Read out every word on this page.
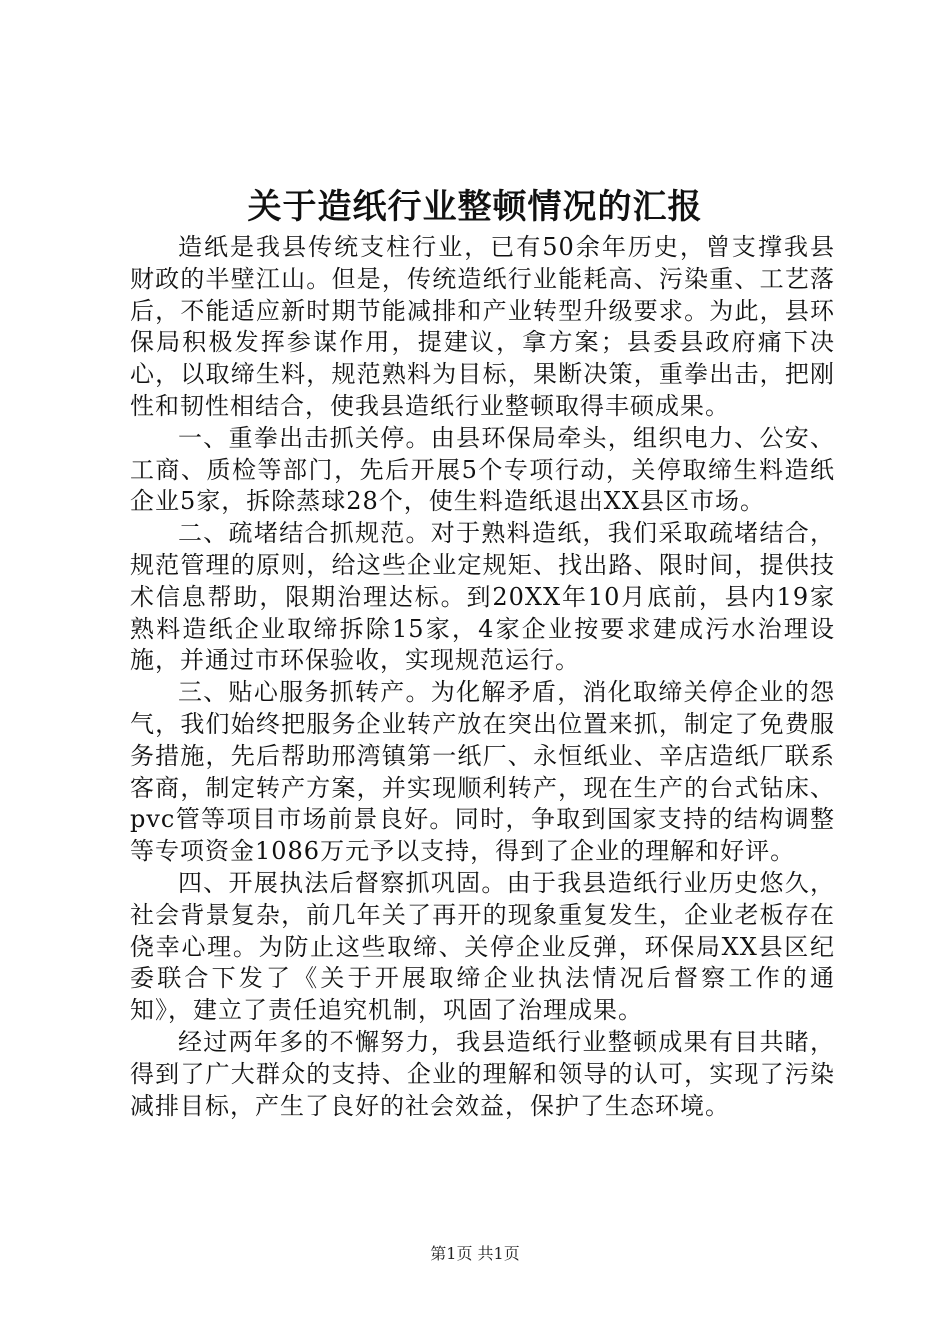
关于造纸行业整顿情况的汇报

造纸是我县传统支柱行业，已有50余年历史，曾支撑我县财政的半壁江山。但是，传统造纸行业能耗高、污染重、工艺落后，不能适应新时期节能减排和产业转型升级要求。为此，县环保局积极发挥参谋作用，提建议，拿方案；县委县政府痛下决心，以取缔生料，规范熟料为目标，果断决策，重拳出击，把刚性和韧性相结合，使我县造纸行业整顿取得丰硕成果。

一、重拳出击抓关停。由县环保局牵头，组织电力、公安、工商、质检等部门，先后开展5个专项行动，关停取缔生料造纸企业5家，拆除蒸球28个，使生料造纸退出XX县区市场。

二、疏堵结合抓规范。对于熟料造纸，我们采取疏堵结合，规范管理的原则，给这些企业定规矩、找出路、限时间，提供技术信息帮助，限期治理达标。到20XX年10月底前，县内19家熟料造纸企业取缔拆除15家，4家企业按要求建成污水治理设施，并通过市环保验收，实现规范运行。

三、贴心服务抓转产。为化解矛盾，消化取缔关停企业的怨气，我们始终把服务企业转产放在突出位置来抓，制定了免费服务措施，先后帮助邢湾镇第一纸厂、永恒纸业、辛店造纸厂联系客商，制定转产方案，并实现顺利转产，现在生产的台式钻床、pvc管等项目市场前景良好。同时，争取到国家支持的结构调整等专项资金1086万元予以支持，得到了企业的理解和好评。

四、开展执法后督察抓巩固。由于我县造纸行业历史悠久，社会背景复杂，前几年关了再开的现象重复发生，企业老板存在侥幸心理。为防止这些取缔、关停企业反弹，环保局XX县区纪委联合下发了《关于开展取缔企业执法情况后督察工作的通知》，建立了责任追究机制，巩固了治理成果。

经过两年多的不懈努力，我县造纸行业整顿成果有目共睹，得到了广大群众的支持、企业的理解和领导的认可，实现了污染减排目标，产生了良好的社会效益，保护了生态环境。

第1页 共1页
